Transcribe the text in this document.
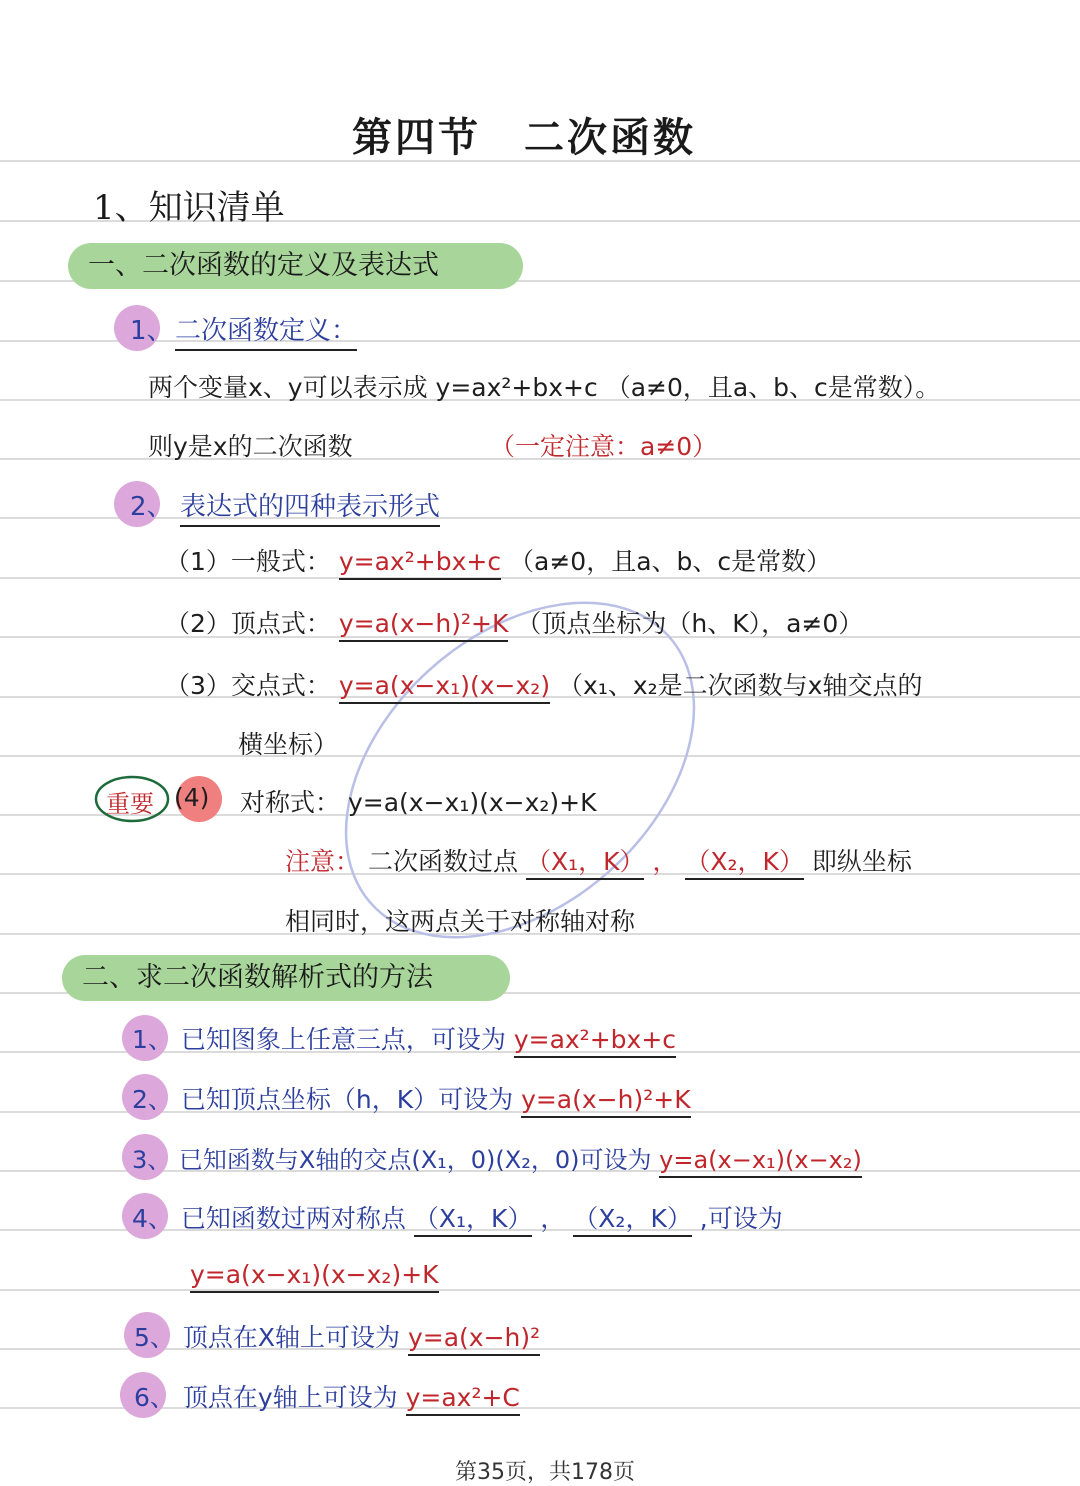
第四节　二次函数
1、知识清单
一、二次函数的定义及表达式
1、 二次函数定义：
两个变量x、y可以表示成 y=ax²+bx+c （a≠0，且a、b、c是常数）。
则y是x的二次函数	（一定注意：a≠0）
2、 表达式的四种表示形式
（1）一般式： y=ax²+bx+c （a≠0，且a、b、c是常数）
（2）顶点式： y=a(x−h)²+K （顶点坐标为（h、K），a≠0）
（3）交点式： y=a(x−x₁)(x−x₂) （x₁、x₂是二次函数与x轴交点的
横坐标）
重要 (4) 对称式： y=a(x−x₁)(x−x₂)+K
注意： 二次函数过点 （X₁，K） ， （X₂，K） 即纵坐标
相同时，这两点关于对称轴对称
二、求二次函数解析式的方法
1、 已知图象上任意三点，可设为 y=ax²+bx+c
2、 已知顶点坐标（h，K）可设为 y=a(x−h)²+K
3、 已知函数与X轴的交点(X₁，0)(X₂，0)可设为 y=a(x−x₁)(x−x₂)
4、 已知函数过两对称点 （X₁，K） ， （X₂，K） ,可设为
y=a(x−x₁)(x−x₂)+K
5、 顶点在X轴上可设为 y=a(x−h)²
6、 顶点在y轴上可设为 y=ax²+C
第35页，共178页
